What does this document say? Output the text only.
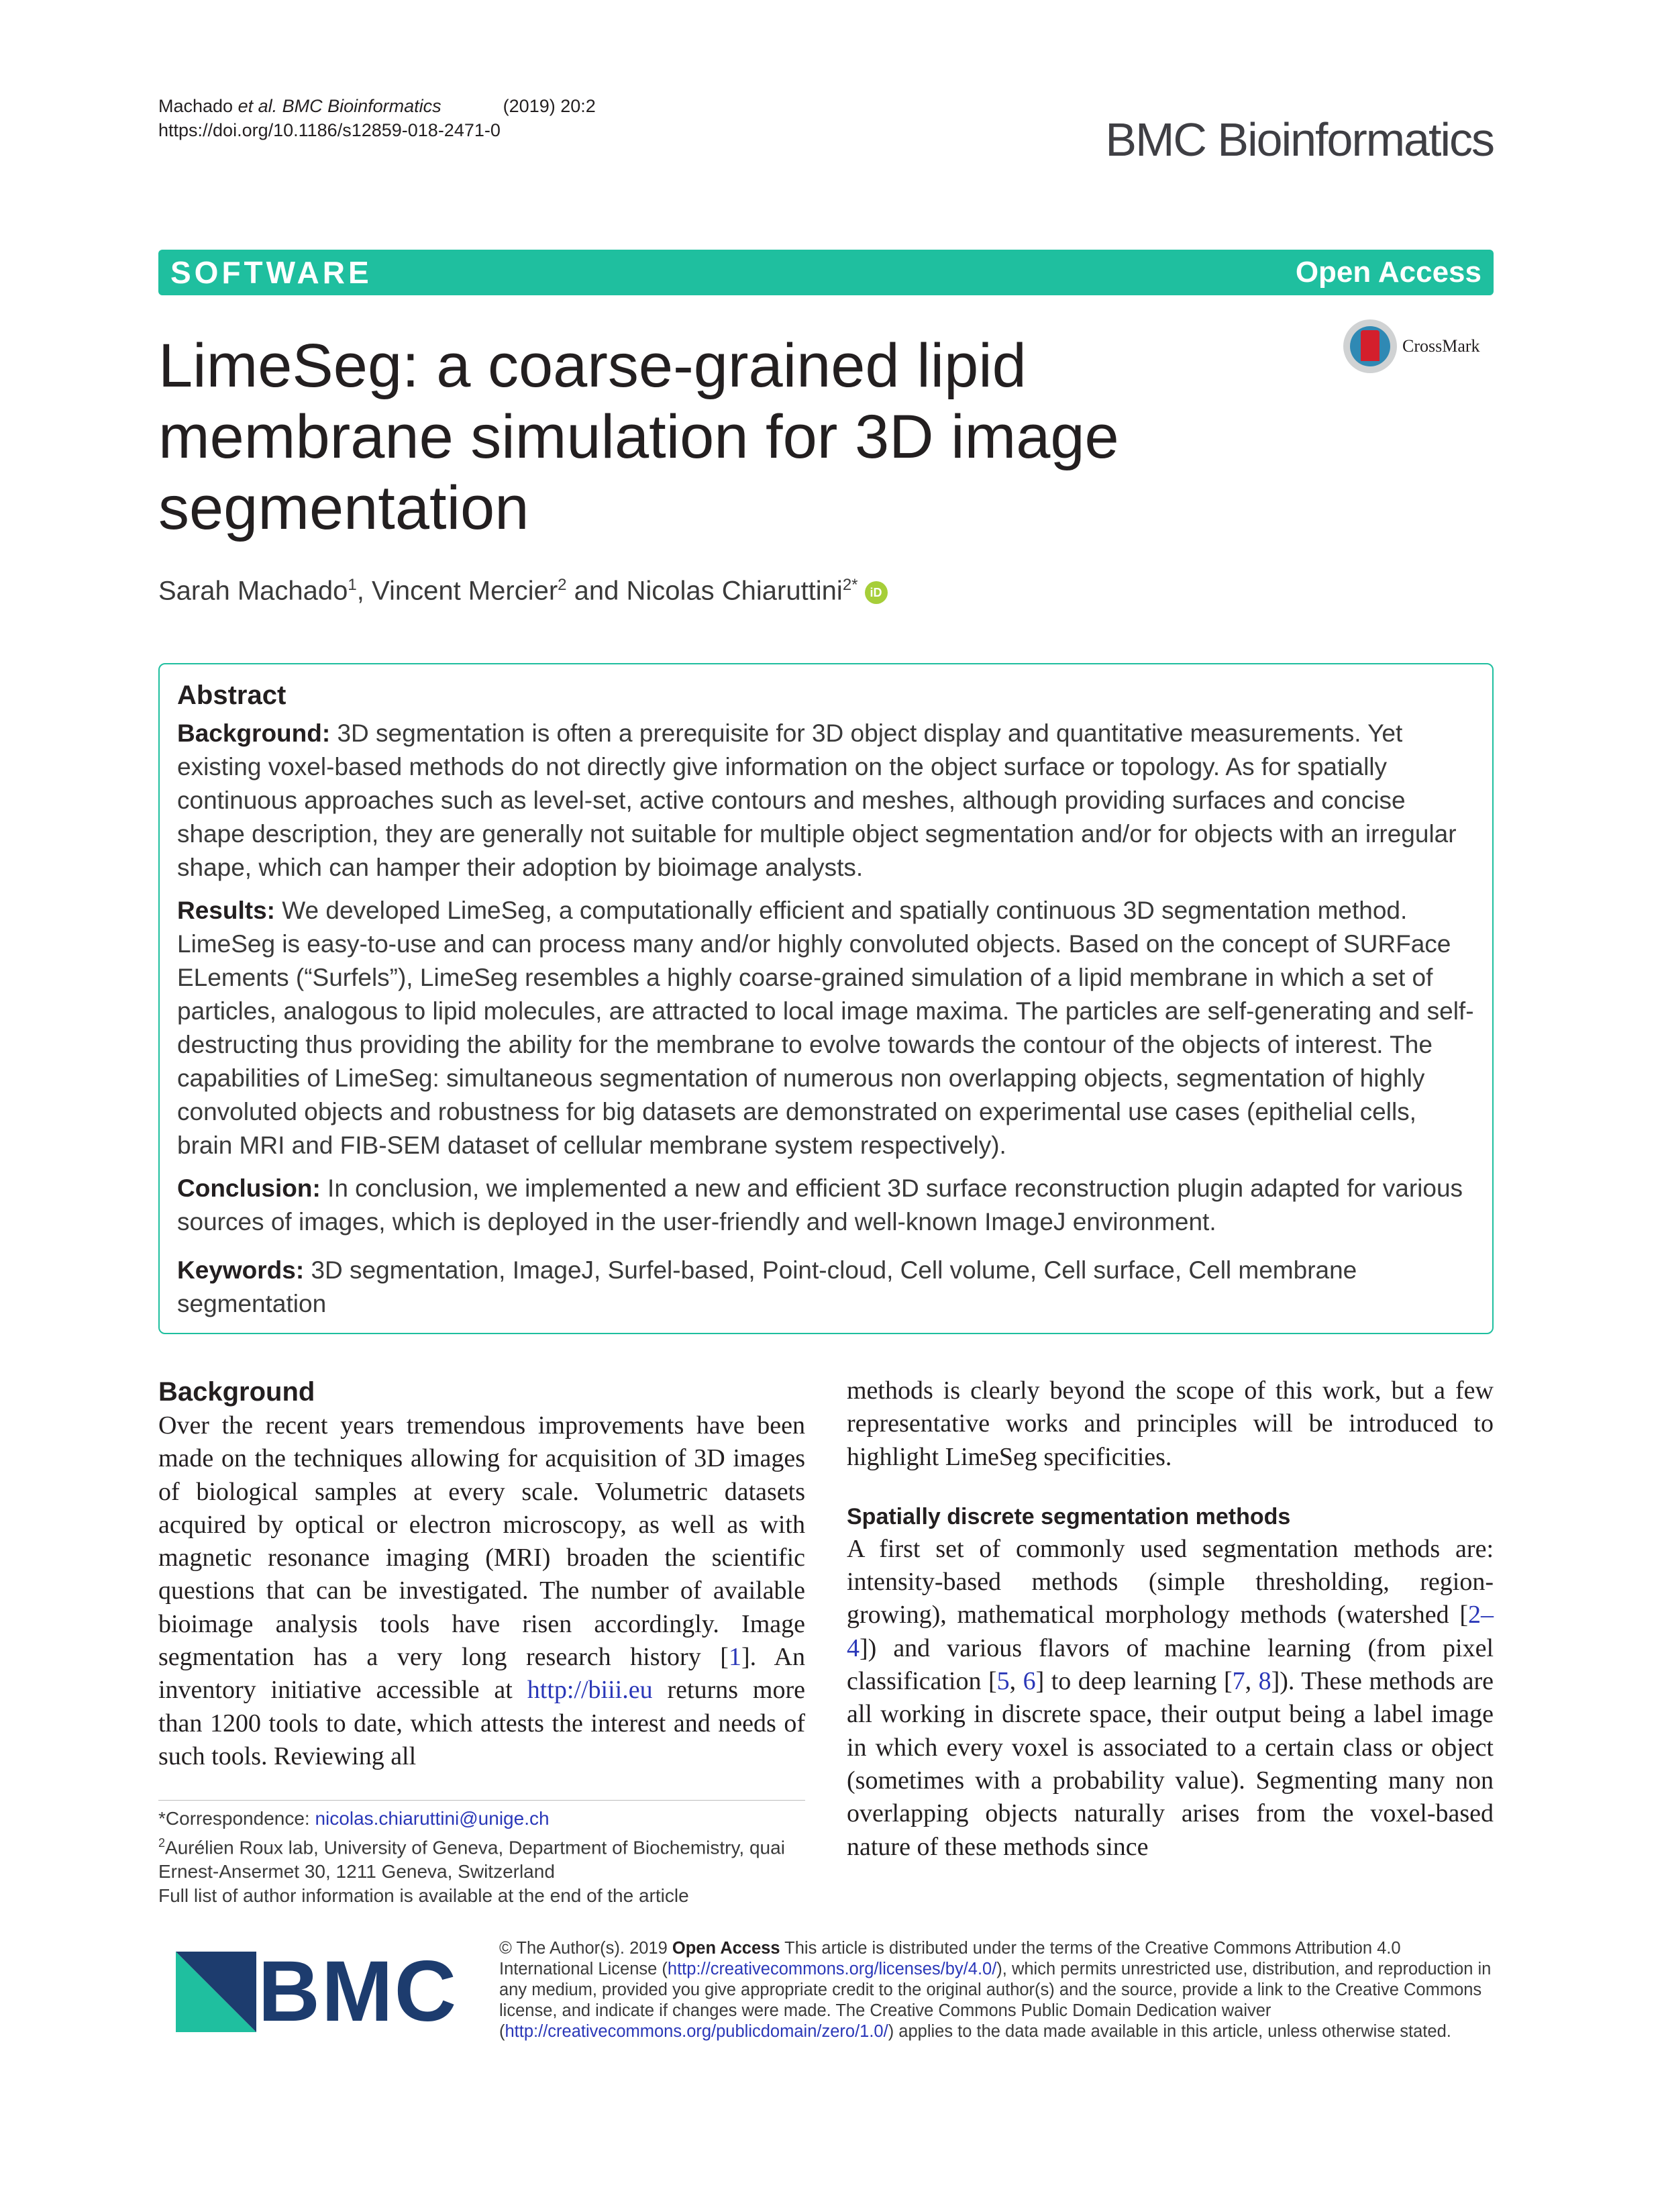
Machado et al. BMC Bioinformatics	(2019) 20:2
https://doi.org/10.1186/s12859-018-2471-0	BMC Bioinformatics
SOFTWARE	Open Access
CrossMark
LimeSeg: a coarse-grained lipid membrane simulation for 3D image segmentation
Sarah Machado$^1$, Vincent Mercier$^2$ and Nicolas Chiaruttini$^{2*}$ iD
Abstract

Background: 3D segmentation is often a prerequisite for 3D object display and quantitative measurements. Yet existing voxel-based methods do not directly give information on the object surface or topology. As for spatially continuous approaches such as level-set, active contours and meshes, although providing surfaces and concise shape description, they are generally not suitable for multiple object segmentation and/or for objects with an irregular shape, which can hamper their adoption by bioimage analysts.

Results: We developed LimeSeg, a computationally efficient and spatially continuous 3D segmentation method. LimeSeg is easy-to-use and can process many and/or highly convoluted objects. Based on the concept of SURFace ELements (“Surfels”), LimeSeg resembles a highly coarse-grained simulation of a lipid membrane in which a set of particles, analogous to lipid molecules, are attracted to local image maxima. The particles are self-generating and self-destructing thus providing the ability for the membrane to evolve towards the contour of the objects of interest. The capabilities of LimeSeg: simultaneous segmentation of numerous non overlapping objects, segmentation of highly convoluted objects and robustness for big datasets are demonstrated on experimental use cases (epithelial cells, brain MRI and FIB-SEM dataset of cellular membrane system respectively).

Conclusion: In conclusion, we implemented a new and efficient 3D surface reconstruction plugin adapted for various sources of images, which is deployed in the user-friendly and well-known ImageJ environment.

Keywords: 3D segmentation, ImageJ, Surfel-based, Point-cloud, Cell volume, Cell surface, Cell membrane segmentation

Background

Over the recent years tremendous improvements have been made on the techniques allowing for acquisition of 3D images of biological samples at every scale. Volumetric datasets acquired by optical or electron microscopy, as well as with magnetic resonance imaging (MRI) broaden the scientific questions that can be investigated. The number of available bioimage analysis tools have risen accordingly. Image segmentation has a very long research history [1]. An inventory initiative accessible at http://biii.eu returns more than 1200 tools to date, which attests the interest and needs of such tools. Reviewing all

methods is clearly beyond the scope of this work, but a few representative works and principles will be introduced to highlight LimeSeg specificities.

Spatially discrete segmentation methods

A first set of commonly used segmentation methods are: intensity-based methods (simple thresholding, region-growing), mathematical morphology methods (watershed [2–4]) and various flavors of machine learning (from pixel classification [5, 6] to deep learning [7, 8]). These methods are all working in discrete space, their output being a label image in which every voxel is associated to a certain class or object (sometimes with a probability value). Segmenting many non overlapping objects naturally arises from the voxel-based nature of these methods since

*Correspondence: nicolas.chiaruttini@unige.ch
$^2$Aurélien Roux lab, University of Geneva, Department of Biochemistry, quai Ernest-Ansermet 30, 1211 Geneva, Switzerland
Full list of author information is available at the end of the article
BMC © The Author(s). 2019 Open Access This article is distributed under the terms of the Creative Commons Attribution 4.0 International License (http://creativecommons.org/licenses/by/4.0/), which permits unrestricted use, distribution, and reproduction in any medium, provided you give appropriate credit to the original author(s) and the source, provide a link to the Creative Commons license, and indicate if changes were made. The Creative Commons Public Domain Dedication waiver (http://creativecommons.org/publicdomain/zero/1.0/) applies to the data made available in this article, unless otherwise stated.
